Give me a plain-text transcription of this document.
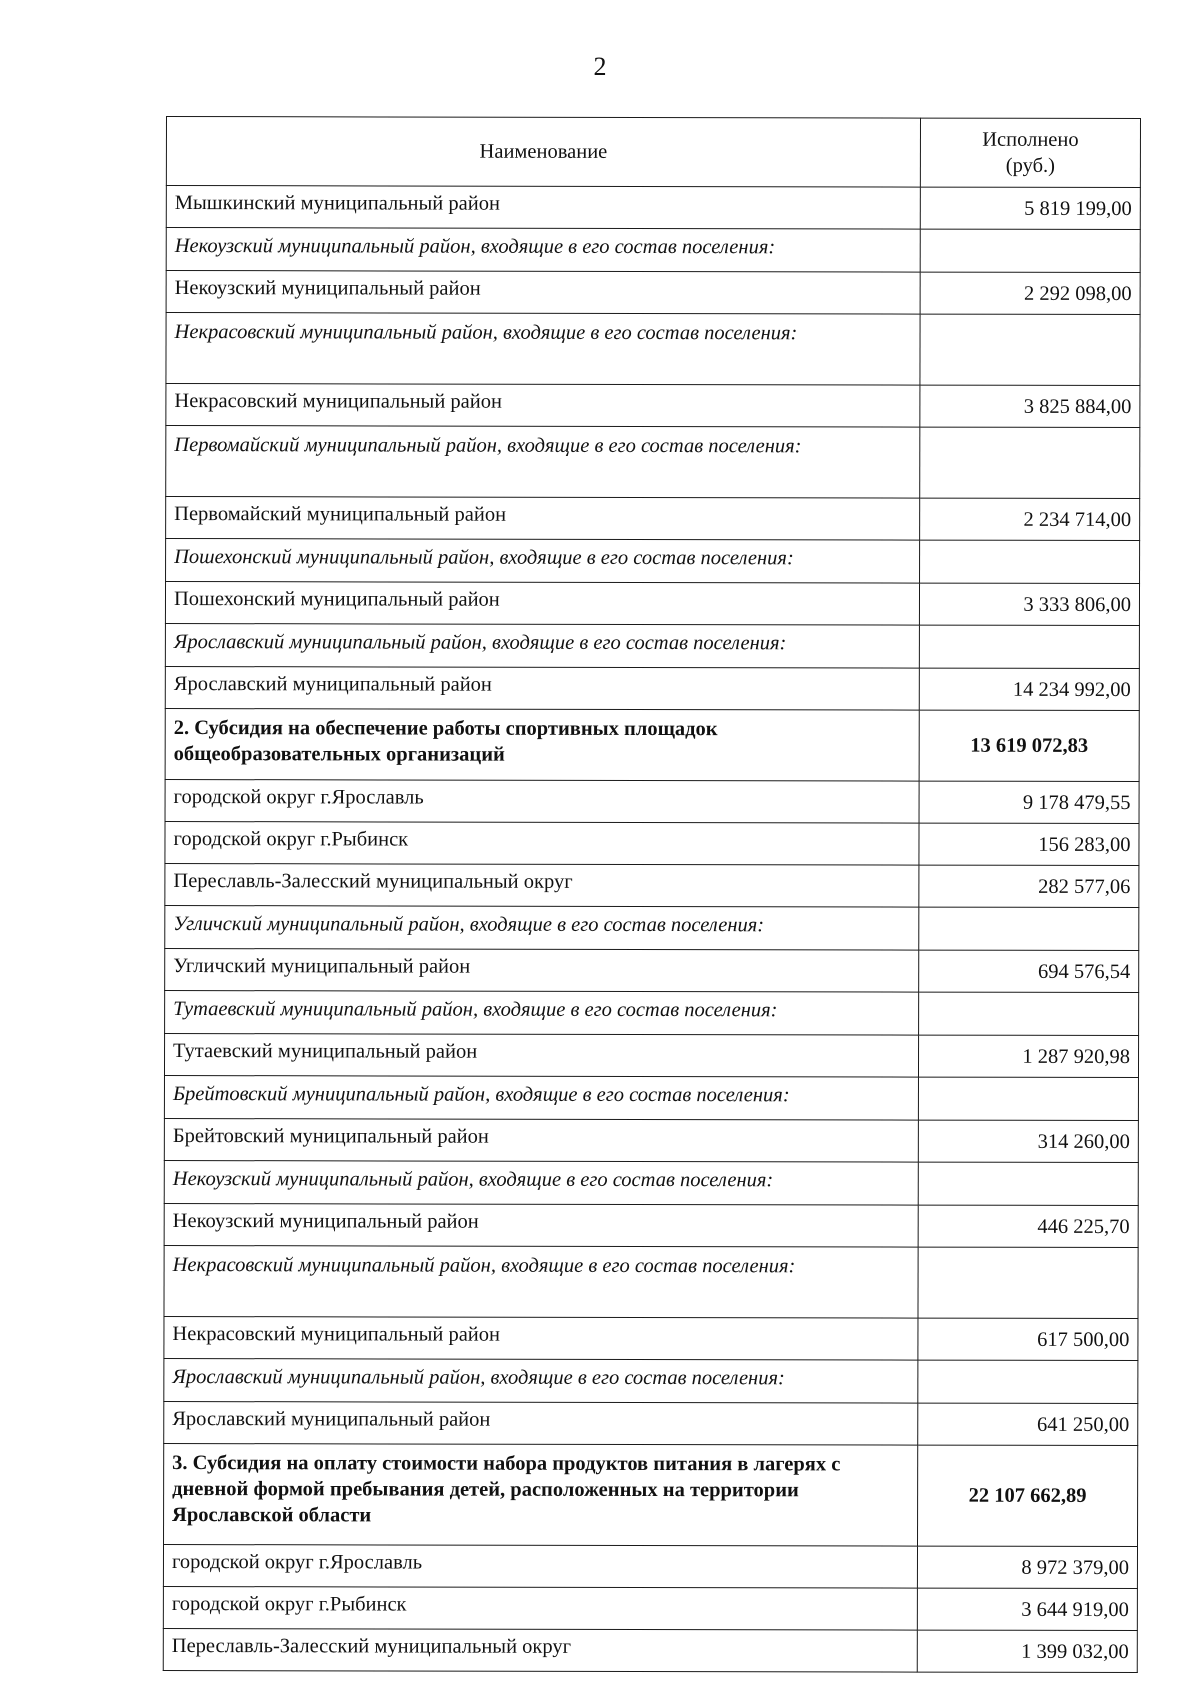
2
Наименование	Исполнено
(руб.)
Мышкинский муниципальный район	5 819 199,00
Некоузский муниципальный район, входящие в его состав поселения:	
Некоузский муниципальный район	2 292 098,00
Некрасовский муниципальный район, входящие в его состав поселения:	
Некрасовский муниципальный район	3 825 884,00
Первомайский муниципальный район, входящие в его состав поселения:	
Первомайский муниципальный район	2 234 714,00
Пошехонский муниципальный район, входящие в его состав поселения:	
Пошехонский муниципальный район	3 333 806,00
Ярославский муниципальный район, входящие в его состав поселения:	
Ярославский муниципальный район	14 234 992,00
2. Субсидия на обеспечение работы спортивных площадок общеобразовательных организаций	13 619 072,83
городской округ г.Ярославль	9 178 479,55
городской округ г.Рыбинск	156 283,00
Переславль-Залесский муниципальный округ	282 577,06
Угличский муниципальный район, входящие в его состав поселения:	
Угличский муниципальный район	694 576,54
Тутаевский муниципальный район, входящие в его состав поселения:	
Тутаевский муниципальный район	1 287 920,98
Брейтовский муниципальный район, входящие в его состав поселения:	
Брейтовский муниципальный район	314 260,00
Некоузский муниципальный район, входящие в его состав поселения:	
Некоузский муниципальный район	446 225,70
Некрасовский муниципальный район, входящие в его состав поселения:	
Некрасовский муниципальный район	617 500,00
Ярославский муниципальный район, входящие в его состав поселения:	
Ярославский муниципальный район	641 250,00
3. Субсидия на оплату стоимости набора продуктов питания в лагерях с дневной формой пребывания детей, расположенных на территории Ярославской области	22 107 662,89
городской округ г.Ярославль	8 972 379,00
городской округ г.Рыбинск	3 644 919,00
Переславль-Залесский муниципальный округ	1 399 032,00
